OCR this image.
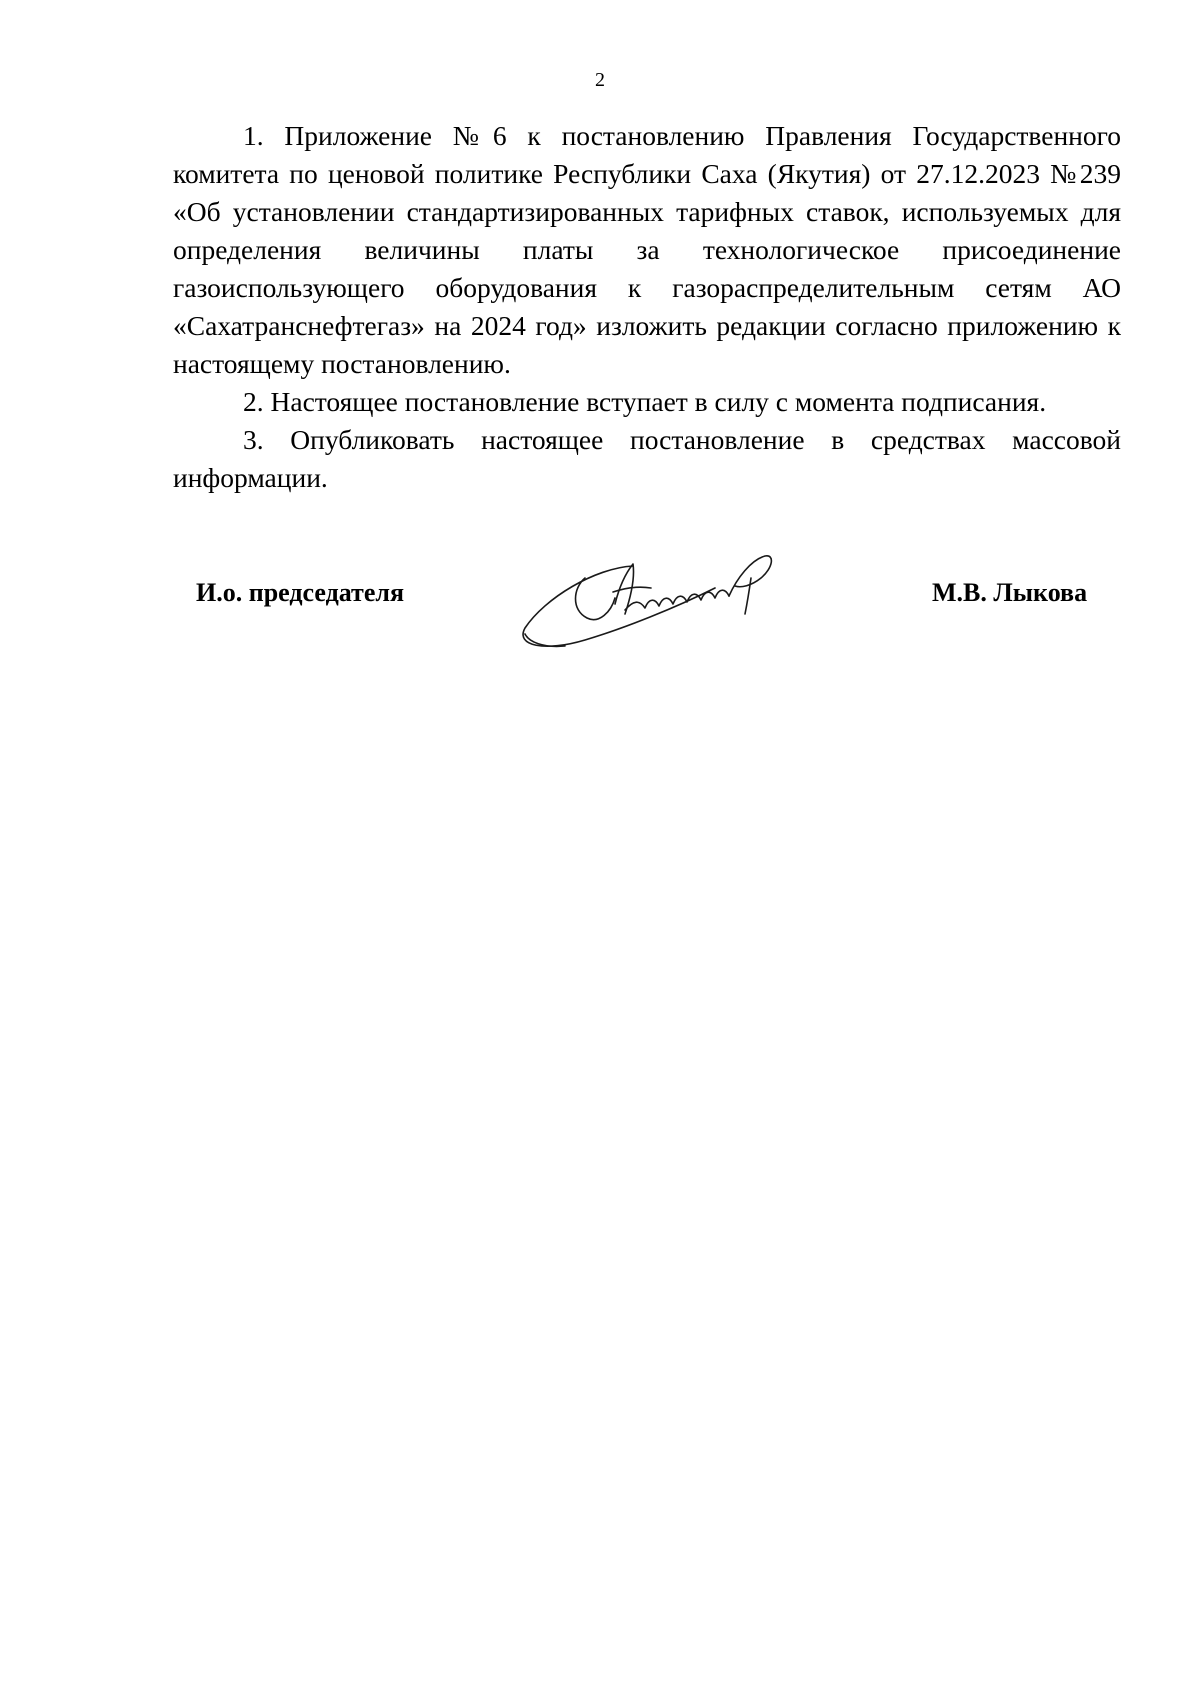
2

1. Приложение №6 к постановлению Правления Государственного комитета по ценовой политике Республики Саха (Якутия) от 27.12.2023 №239 «Об установлении стандартизированных тарифных ставок, используемых для определения величины платы за технологическое присоединение газоиспользующего оборудования к газораспределительным сетям АО «Сахатранснефтегаз» на 2024 год» изложить редакции согласно приложению к настоящему постановлению.

2. Настоящее постановление вступает в силу с момента подписания.

3. Опубликовать настоящее постановление в средствах массовой информации.

И.о. председателя	М.В. Лыкова
